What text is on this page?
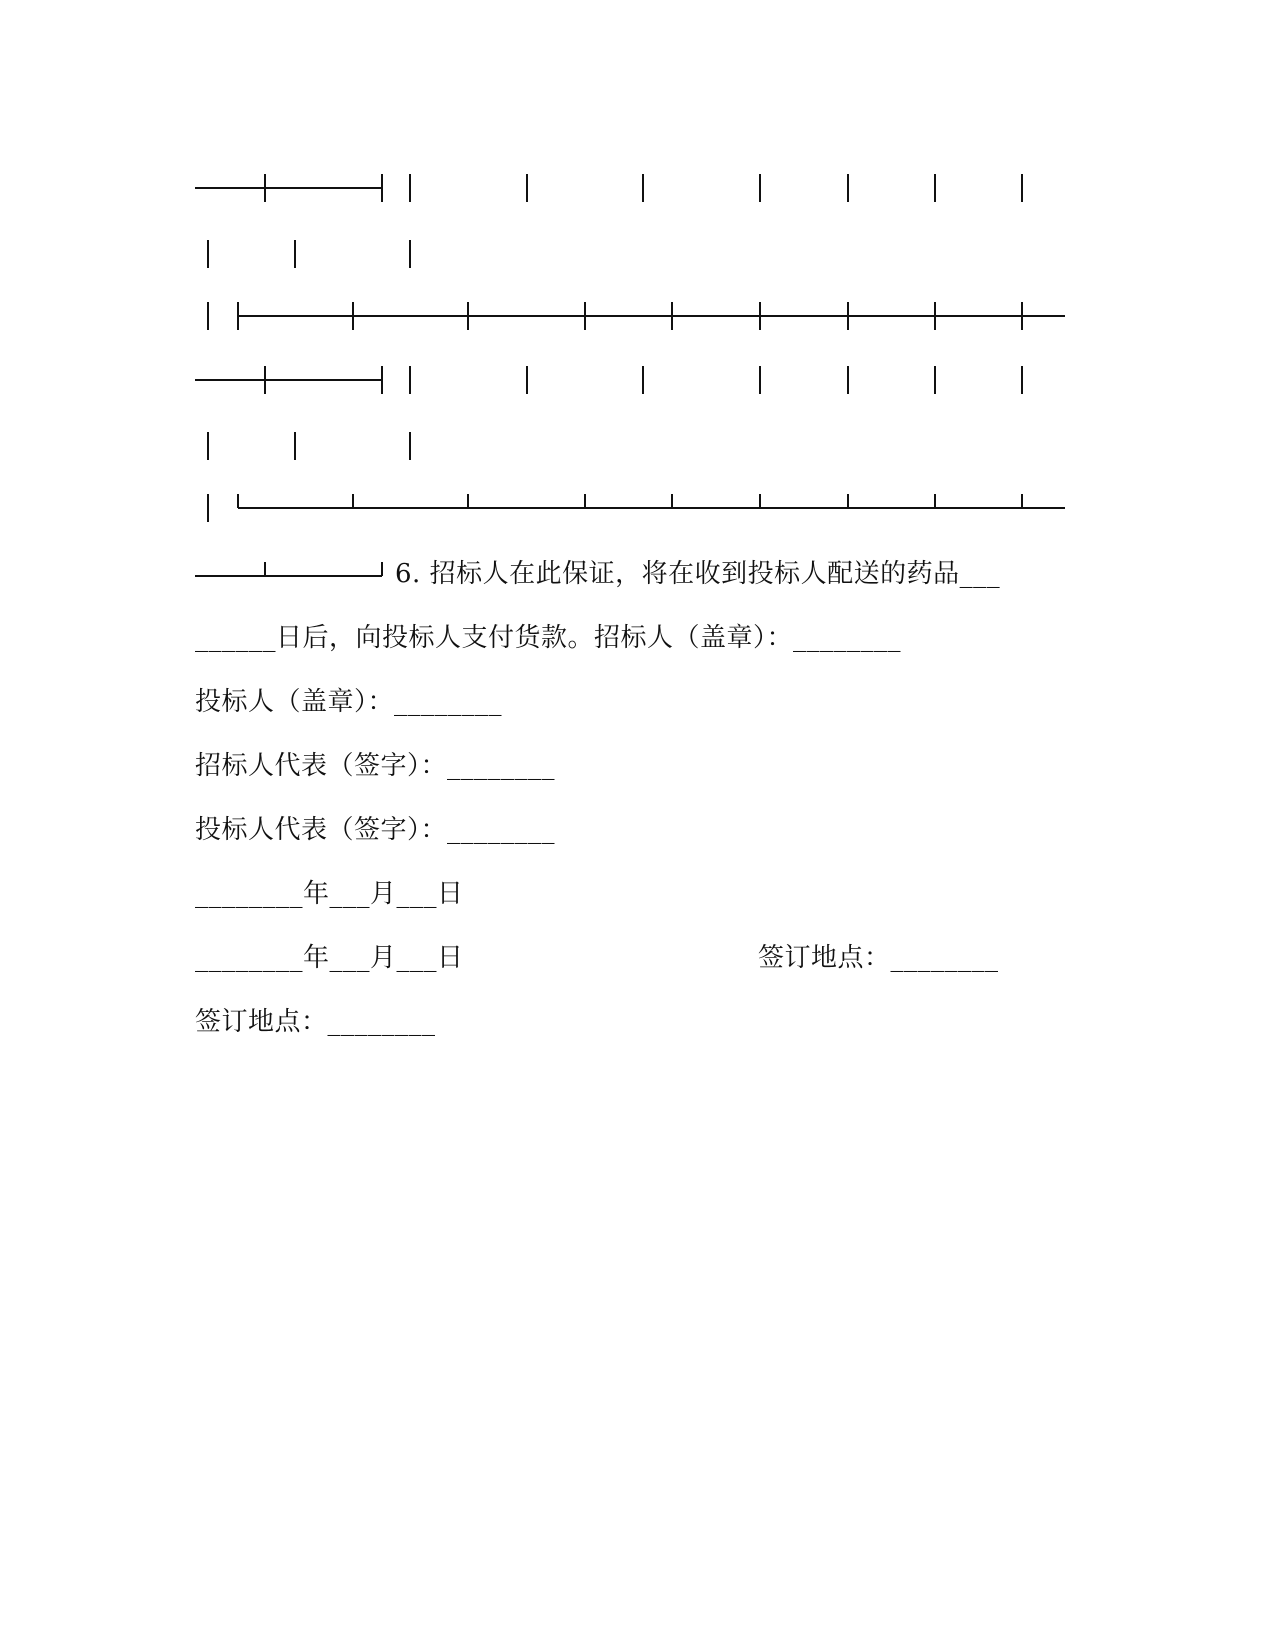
6. 招标人在此保证，将在收到投标人配送的药品___
______日后，向投标人支付货款。招标人（盖章）：________
投标人（盖章）：________
招标人代表（签字）：________
投标人代表（签字）：________
________年___月___日
________年___月___日	签订地点：________
签订地点：________
